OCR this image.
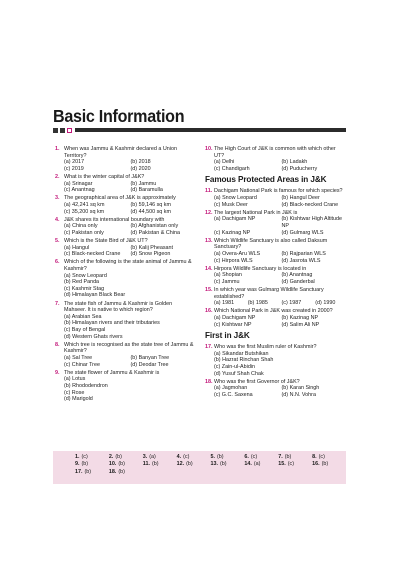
Basic Information
1. When was Jammu & Kashmir declared a Union Territory?
(a) 2017	(b) 2018
(c) 2019	(d) 2020
2. What is the winter capital of J&K?
(a) Srinagar	(b) Jammu
(c) Anantnag	(d) Baramulla
3. The geographical area of J&K is approximately
(a) 42,241 sq km	(b) 59,146 sq km
(c) 35,200 sq km	(d) 44,500 sq km
4. J&K shares its international boundary with
(a) China only	(b) Afghanistan only
(c) Pakistan only	(d) Pakistan & China
5. Which is the State Bird of J&K UT?
(a) Hangul	(b) Kalij Pheasant
(c) Black-necked Crane	(d) Snow Pigeon
6. Which of the following is the state animal of Jammu & Kashmir?
(a) Snow Leopard
(b) Red Panda
(c) Kashmir Stag
(d) Himalayan Black Bear
7. The state fish of Jammu & Kashmir is Golden Mahseer. It is native to which region?
(a) Arabian Sea
(b) Himalayan rivers and their tributaries
(c) Bay of Bengal
(d) Western Ghats rivers
8. Which tree is recognised as the state tree of Jammu & Kashmir?
(a) Sal Tree	(b) Banyan Tree
(c) Chinar Tree	(d) Deodar Tree
9. The state flower of Jammu & Kashmir is
(a) Lotus
(b) Rhododendron
(c) Rose
(d) Marigold
10. The High Court of J&K is common with which other UT?
(a) Delhi	(b) Ladakh
(c) Chandigarh	(d) Puducherry
Famous Protected Areas in J&K
11. Dachigam National Park is famous for which species?
(a) Snow Leopard	(b) Hangul Deer
(c) Musk Deer	(d) Black-necked Crane
12. The largest National Park in J&K is
(a) Dachigam NP	(b) Kishtwar High Altitude NP
(c) Kazinag NP	(d) Gulmarg WLS
13. Which Wildlife Sanctuary is also called Daksum Sanctuary?
(a) Overa-Aru WLS	(b) Rajparian WLS
(c) Hirpora WLS	(d) Jasrota WLS
14. Hirpora Wildlife Sanctuary is located in
(a) Shopian	(b) Anantnag
(c) Jammu	(d) Ganderbal
15. In which year was Gulmarg Wildlife Sanctuary established?
(a) 1981	(b) 1985	(c) 1987	(d) 1990
16. Which National Park in J&K was created in 2000?
(a) Dachigam NP	(b) Kazinag NP
(c) Kishtwar NP	(d) Salim Ali NP
First in J&K
17. Who was the first Muslim ruler of Kashmir?
(a) Sikandar Butshikan
(b) Hazrat Rinchan Shah
(c) Zain-ul-Abidin
(d) Yusuf Shah Chak
18. Who was the first Governor of J&K?
(a) Jagmohan	(b) Karan Singh
(c) G.C. Saxena	(d) N.N. Vohra
1. (c)	2. (b)	3. (a)	4. (c)	5. (b)	6. (c)	7. (b)	8. (c)
9. (b)	10. (b)	11. (b)	12. (b)	13. (b)	14. (a)	15. (c)	16. (b)
17. (b)	18. (b)
